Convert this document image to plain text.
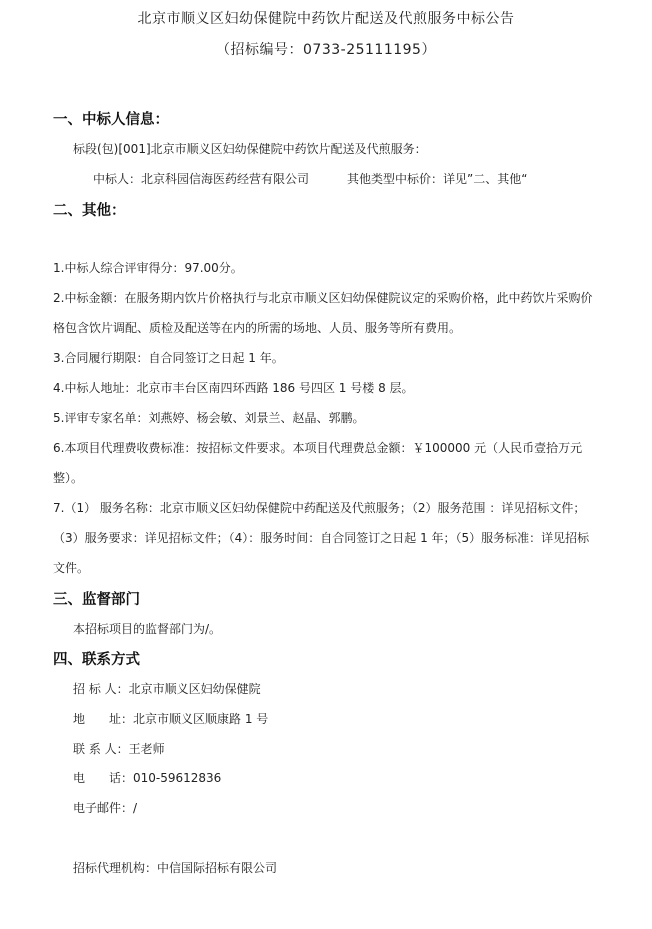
北京市顺义区妇幼保健院中药饮片配送及代煎服务中标公告
（招标编号：0733-25111195）
一、中标人信息：
标段(包)[001]北京市顺义区妇幼保健院中药饮片配送及代煎服务：
中标人：北京科园信海医药经营有限公司	其他类型中标价：详见”二、其他“
二、其他：
1.中标人综合评审得分：97.00分。
2.中标金额：在服务期内饮片价格执行与北京市顺义区妇幼保健院议定的采购价格，此中药饮片采购价格包含饮片调配、质检及配送等在内的所需的场地、人员、服务等所有费用。
3.合同履行期限：自合同签订之日起 1 年。
4.中标人地址：北京市丰台区南四环西路 186 号四区 1 号楼 8 层。
5.评审专家名单：刘燕婷、杨会敏、刘景兰、赵晶、郭鹏。
6.本项目代理费收费标准：按招标文件要求。本项目代理费总金额：￥100000 元（人民币壹拾万元整）。
7.（1） 服务名称：北京市顺义区妇幼保健院中药配送及代煎服务；（2）服务范围 ：详见招标文件；（3）服务要求：详见招标文件；（4）：服务时间：自合同签订之日起 1 年；（5）服务标准：详见招标文件。
三、监督部门
本招标项目的监督部门为/。
四、联系方式
招 标 人：北京市顺义区妇幼保健院
地　　址：北京市顺义区顺康路 1 号
联 系 人：王老师
电　　话：010-59612836
电子邮件：/
招标代理机构：中信国际招标有限公司
